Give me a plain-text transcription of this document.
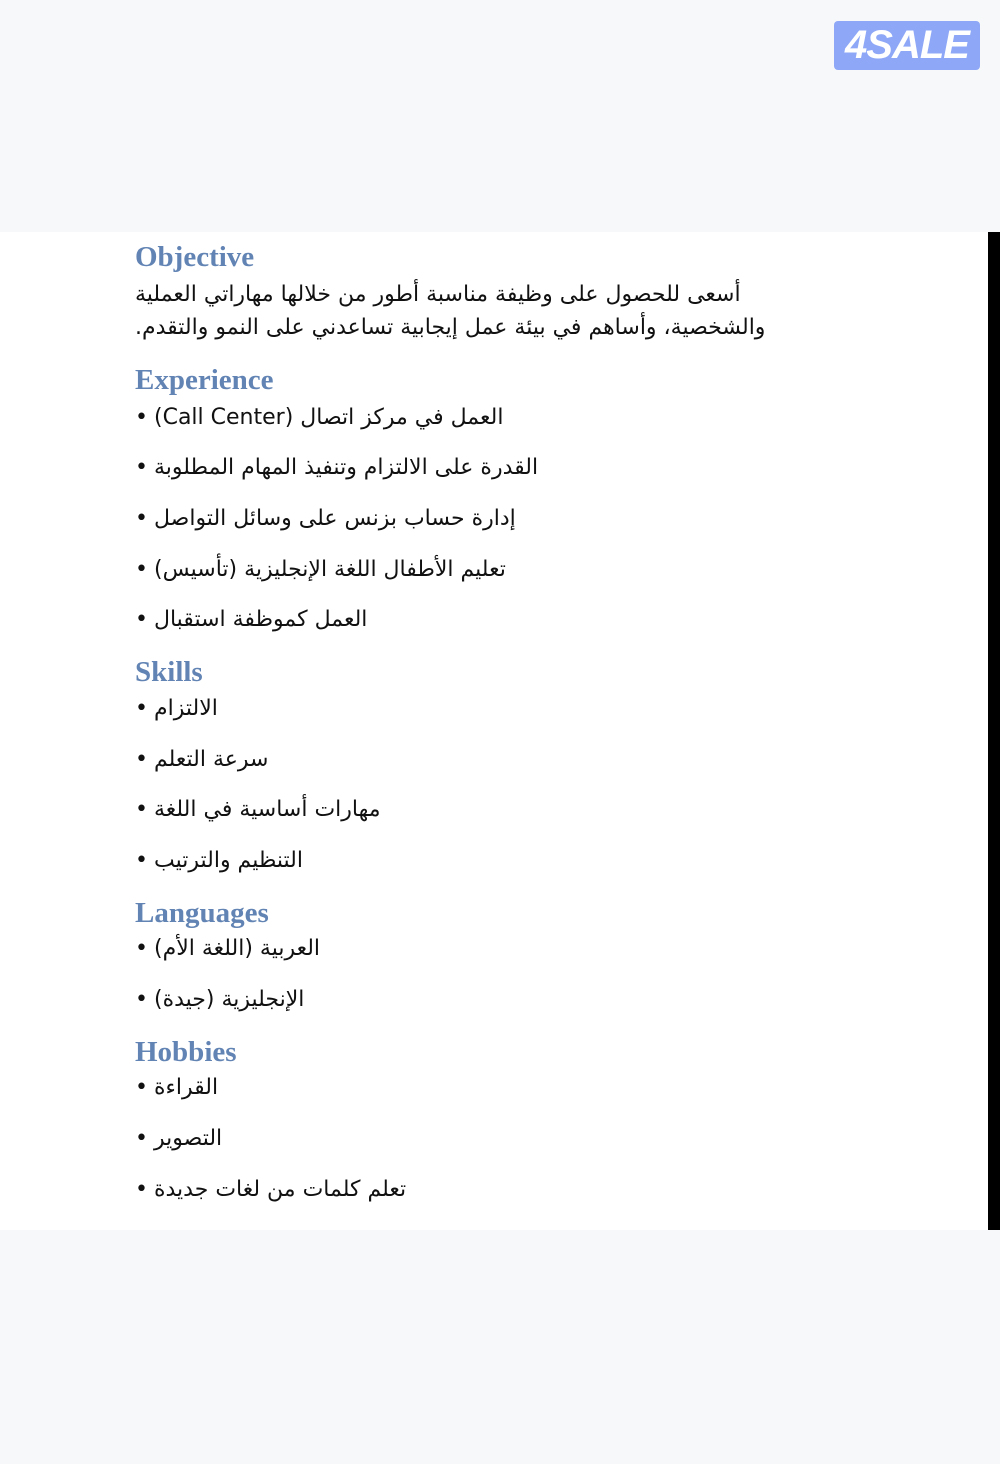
4SALE
Objective
أسعى للحصول على وظيفة مناسبة أطور من خلالها مهاراتي العملية
والشخصية، وأساهم في بيئة عمل إيجابية تساعدني على النمو والتقدم.
Experience
العمل في مركز اتصال (Call Center)•
القدرة على الالتزام وتنفيذ المهام المطلوبة•
إدارة حساب بزنس على وسائل التواصل•
تعليم الأطفال اللغة الإنجليزية (تأسيس)•
العمل كموظفة استقبال•
Skills
الالتزام•
سرعة التعلم•
مهارات أساسية في اللغة•
التنظيم والترتيب•
Languages
العربية (اللغة الأم)•
الإنجليزية (جيدة)•
Hobbies
القراءة•
التصوير•
تعلم كلمات من لغات جديدة•
